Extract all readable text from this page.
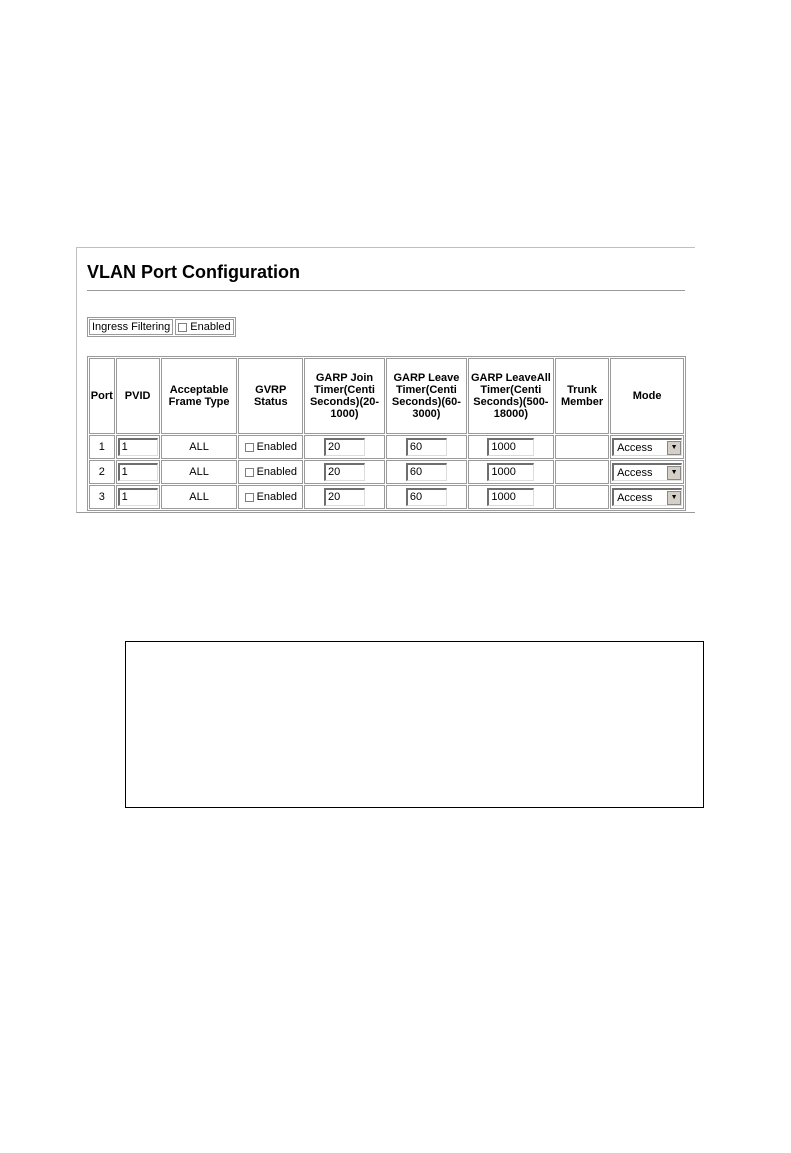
VLAN Port Configuration
Ingress Filtering Enabled
Port	PVID	Acceptable Frame Type	GVRP Status	GARP Join Timer(Centi Seconds)(20-1000)	GARP Leave Timer(Centi Seconds)(60-3000)	GARP LeaveAll Timer(Centi Seconds)(500-18000)	Trunk Member	Mode
1	1	ALL	Enabled	20	60	1000		Access ▼

2	1	ALL	Enabled	20	60	1000		Access ▼

3	1	ALL	Enabled	20	60	1000		Access ▼
